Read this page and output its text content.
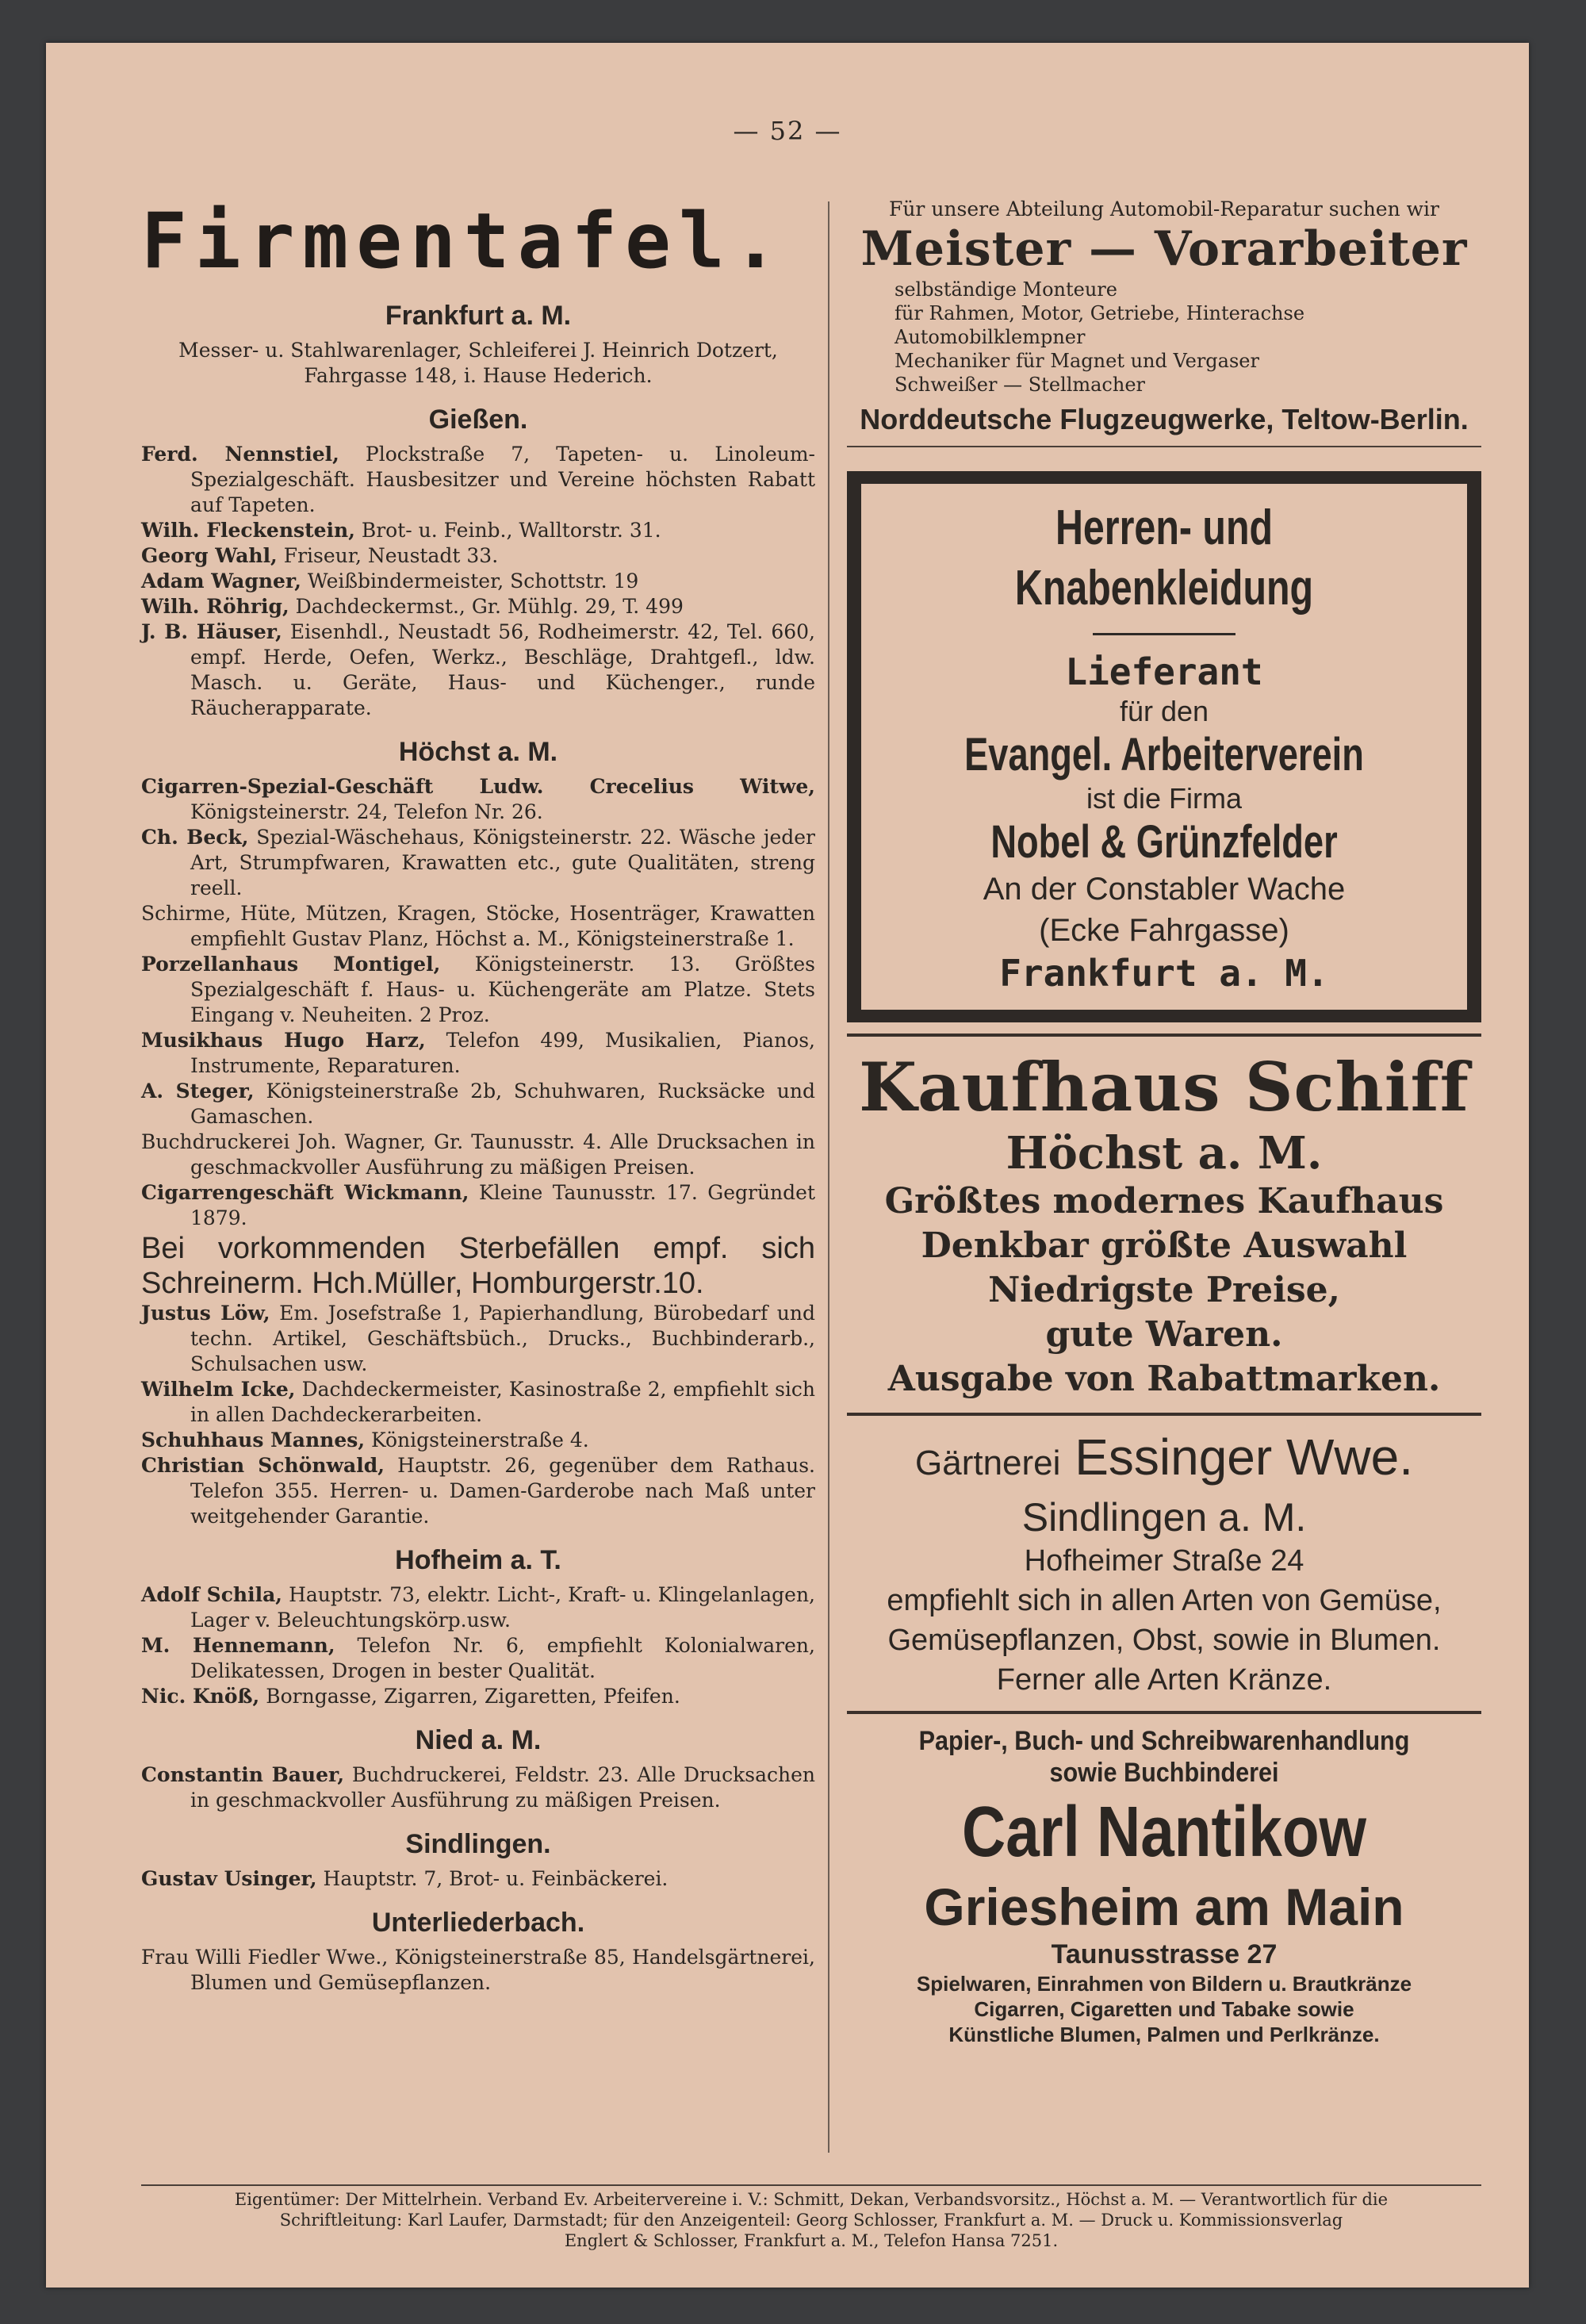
— 52 —
Firmentafel.
Frankfurt a. M.

Messer- u. Stahlwarenlager, Schleiferei J. Heinrich Dotzert, Fahrgasse 148, i. Hause Hederich.

Gießen.

Ferd. Nennstiel, Plockstraße 7, Tapeten- u. Linoleum-Spezialgeschäft. Hausbesitzer und Vereine höchsten Rabatt auf Tapeten.

Wilh. Fleckenstein, Brot- u. Feinb., Walltorstr. 31.

Georg Wahl, Friseur, Neustadt 33.

Adam Wagner, Weißbindermeister, Schottstr. 19

Wilh. Röhrig, Dachdeckermst., Gr. Mühlg. 29, T. 499

J. B. Häuser, Eisenhdl., Neustadt 56, Rodheimerstr. 42, Tel. 660, empf. Herde, Oefen, Werkz., Beschläge, Drahtgefl., ldw. Masch. u. Geräte, Haus- und Küchenger., runde Räucherapparate.

Höchst a. M.

Cigarren-Spezial-Geschäft Ludw. Crecelius Witwe, Königsteinerstr. 24, Telefon Nr. 26.

Ch. Beck, Spezial-Wäschehaus, Königsteinerstr. 22. Wäsche jeder Art, Strumpfwaren, Krawatten etc., gute Qualitäten, streng reell.

Schirme, Hüte, Mützen, Kragen, Stöcke, Hosenträger, Krawatten empfiehlt Gustav Planz, Höchst a. M., Königsteinerstraße 1.

Porzellanhaus Montigel, Königsteinerstr. 13. Größtes Spezialgeschäft f. Haus- u. Küchengeräte am Platze. Stets Eingang v. Neuheiten. 2 Proz.

Musikhaus Hugo Harz, Telefon 499, Musikalien, Pianos, Instrumente, Reparaturen.

A. Steger, Königsteinerstraße 2b, Schuhwaren, Rucksäcke und Gamaschen.

Buchdruckerei Joh. Wagner, Gr. Taunusstr. 4. Alle Drucksachen in geschmackvoller Ausführung zu mäßigen Preisen.

Cigarrengeschäft Wickmann, Kleine Taunusstr. 17. Gegründet 1879.

Bei vorkommenden Sterbefällen empf. sich Schreinerm. Hch.Müller, Homburgerstr.10.

Justus Löw, Em. Josefstraße 1, Papierhandlung, Bürobedarf und techn. Artikel, Geschäftsbüch., Drucks., Buchbinderarb., Schulsachen usw.

Wilhelm Icke, Dachdeckermeister, Kasinostraße 2, empfiehlt sich in allen Dachdeckerarbeiten.

Schuhhaus Mannes, Königsteinerstraße 4.

Christian Schönwald, Hauptstr. 26, gegenüber dem Rathaus. Telefon 355. Herren- u. Damen-Garderobe nach Maß unter weitgehender Garantie.

Hofheim a. T.

Adolf Schila, Hauptstr. 73, elektr. Licht-, Kraft- u. Klingelanlagen, Lager v. Beleuchtungskörp.usw.

M. Hennemann, Telefon Nr. 6, empfiehlt Kolonialwaren, Delikatessen, Drogen in bester Qualität.

Nic. Knöß, Borngasse, Zigarren, Zigaretten, Pfeifen.

Nied a. M.

Constantin Bauer, Buchdruckerei, Feldstr. 23. Alle Drucksachen in geschmackvoller Ausführung zu mäßigen Preisen.

Sindlingen.

Gustav Usinger, Hauptstr. 7, Brot- u. Feinbäckerei.

Unterliederbach.

Frau Willi Fiedler Wwe., Königsteinerstraße 85, Handelsgärtnerei, Blumen und Gemüsepflanzen.

Für unsere Abteilung Automobil-Reparatur suchen wir

Meister — Vorarbeiter

selbständige Monteure

für Rahmen, Motor, Getriebe, Hinterachse

Automobilklempner

Mechaniker für Magnet und Vergaser

Schweißer — Stellmacher

Norddeutsche Flugzeugwerke, Teltow-Berlin.

Herren- und Knabenkleidung

Lieferant

für den

Evangel. Arbeiterverein

ist die Firma

Nobel & Grünzfelder

An der Constabler Wache

(Ecke Fahrgasse)

Frankfurt a. M.

Kaufhaus Schiff

Höchst a. M.

Größtes modernes Kaufhaus

Denkbar größte Auswahl

Niedrigste Preise,

gute Waren.

Ausgabe von Rabattmarken.

Gärtnerei Essinger Wwe.

Sindlingen a. M.

Hofheimer Straße 24

empfiehlt sich in allen Arten von Gemüse,

Gemüsepflanzen, Obst, sowie in Blumen.

Ferner alle Arten Kränze.

Papier-, Buch- und Schreibwarenhandlung

sowie Buchbinderei

Carl Nantikow

Griesheim am Main

Taunusstrasse 27

Spielwaren, Einrahmen von Bildern u. Brautkränze

Cigarren, Cigaretten und Tabake sowie

Künstliche Blumen, Palmen und Perlkränze.

Eigentümer: Der Mittelrhein. Verband Ev. Arbeitervereine i. V.: Schmitt, Dekan, Verbandsvorsitz., Höchst a. M. — Verantwortlich für die

Schriftleitung: Karl Laufer, Darmstadt; für den Anzeigenteil: Georg Schlosser, Frankfurt a. M. — Druck u. Kommissionsverlag

Englert & Schlosser, Frankfurt a. M., Telefon Hansa 7251.
